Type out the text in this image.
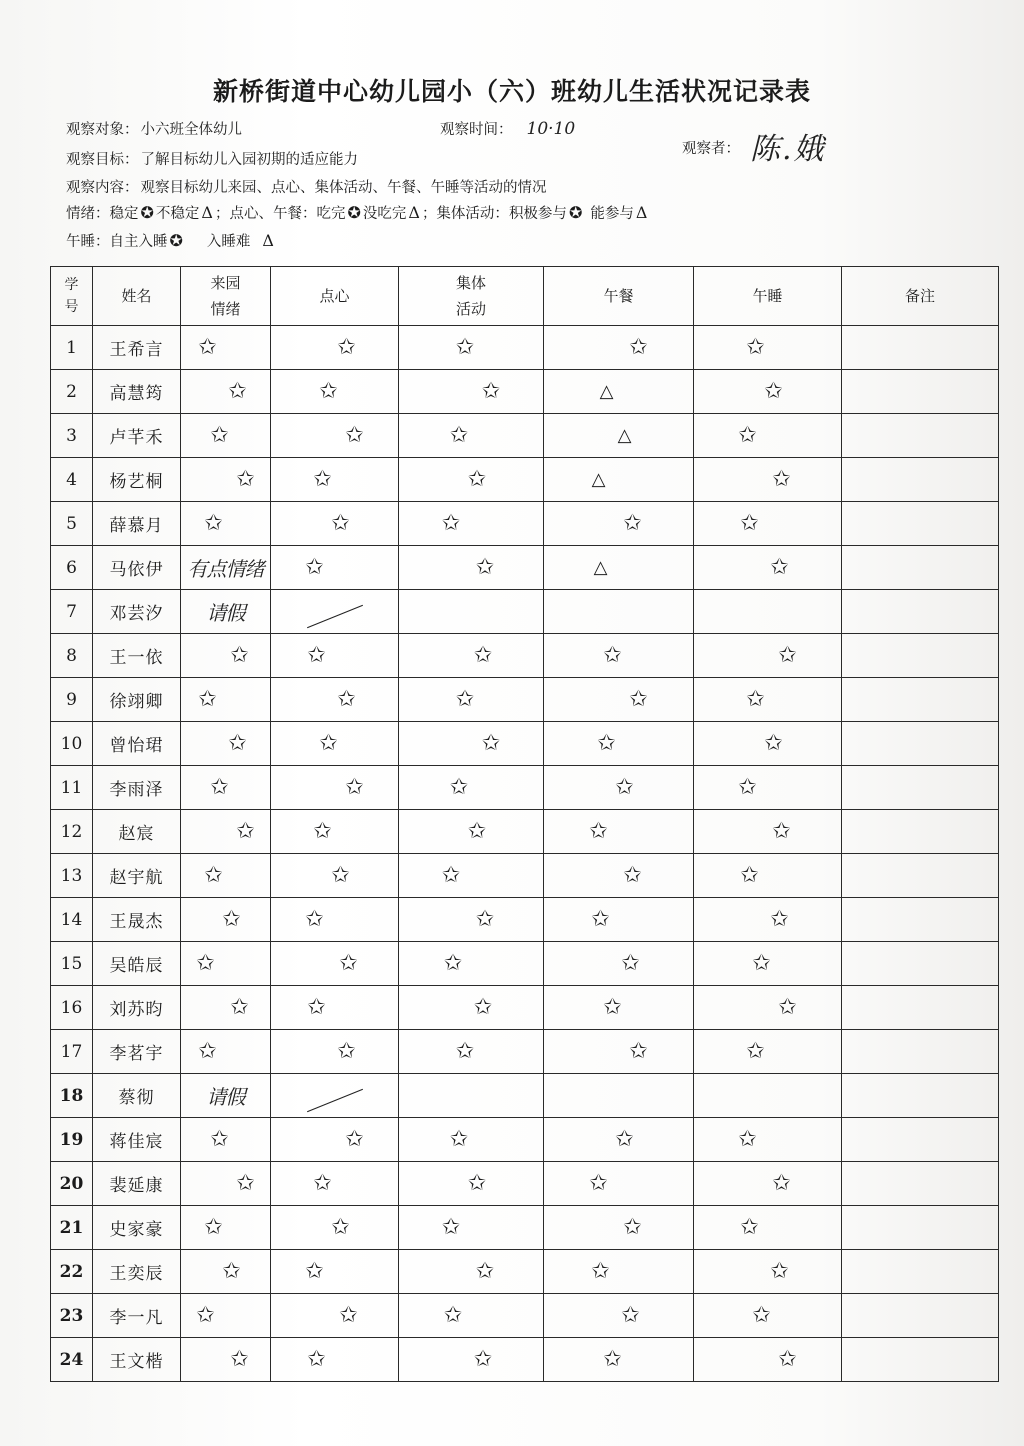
新桥街道中心幼儿园小（六）班幼儿生活状况记录表
观察对象： 小六班全体幼儿	观察时间： 10·10
观察者： 陈.娥
观察目标： 了解目标幼儿入园初期的适应能力
观察内容： 观察目标幼儿来园、点心、集体活动、午餐、午睡等活动的情况
情绪：稳定 ✪ 不稳定 Δ ；点心、午餐：吃完 ✪ 没吃完 Δ ；集体活动：积极参与 ✪ 能参与 Δ
午睡：自主入睡 ✪ 入睡难 Δ
学号	姓名	来园情绪	点心	集体活动	午餐	午睡	备注
1	王希言	✩	✩	✩	✩	✩	
2	高慧筠	✩	✩	✩	△	✩	
3	卢芊禾	✩	✩	✩	△	✩	
4	杨艺桐	✩	✩	✩	△	✩	
5	薛慕月	✩	✩	✩	✩	✩	
6	马依伊	有点情绪	✩	✩	△	✩	
7	邓芸汐	请假					
8	王一依	✩	✩	✩	✩	✩	
9	徐翊卿	✩	✩	✩	✩	✩	
10	曾怡珺	✩	✩	✩	✩	✩	
11	李雨泽	✩	✩	✩	✩	✩	
12	赵宸	✩	✩	✩	✩	✩	
13	赵宇航	✩	✩	✩	✩	✩	
14	王晟杰	✩	✩	✩	✩	✩	
15	吴皓辰	✩	✩	✩	✩	✩	
16	刘苏昀	✩	✩	✩	✩	✩	
17	李茗宇	✩	✩	✩	✩	✩	
18	蔡彻	请假					
19	蒋佳宸	✩	✩	✩	✩	✩	
20	裴延康	✩	✩	✩	✩	✩	
21	史家豪	✩	✩	✩	✩	✩	
22	王奕辰	✩	✩	✩	✩	✩	
23	李一凡	✩	✩	✩	✩	✩	
24	王文楷	✩	✩	✩	✩	✩	
